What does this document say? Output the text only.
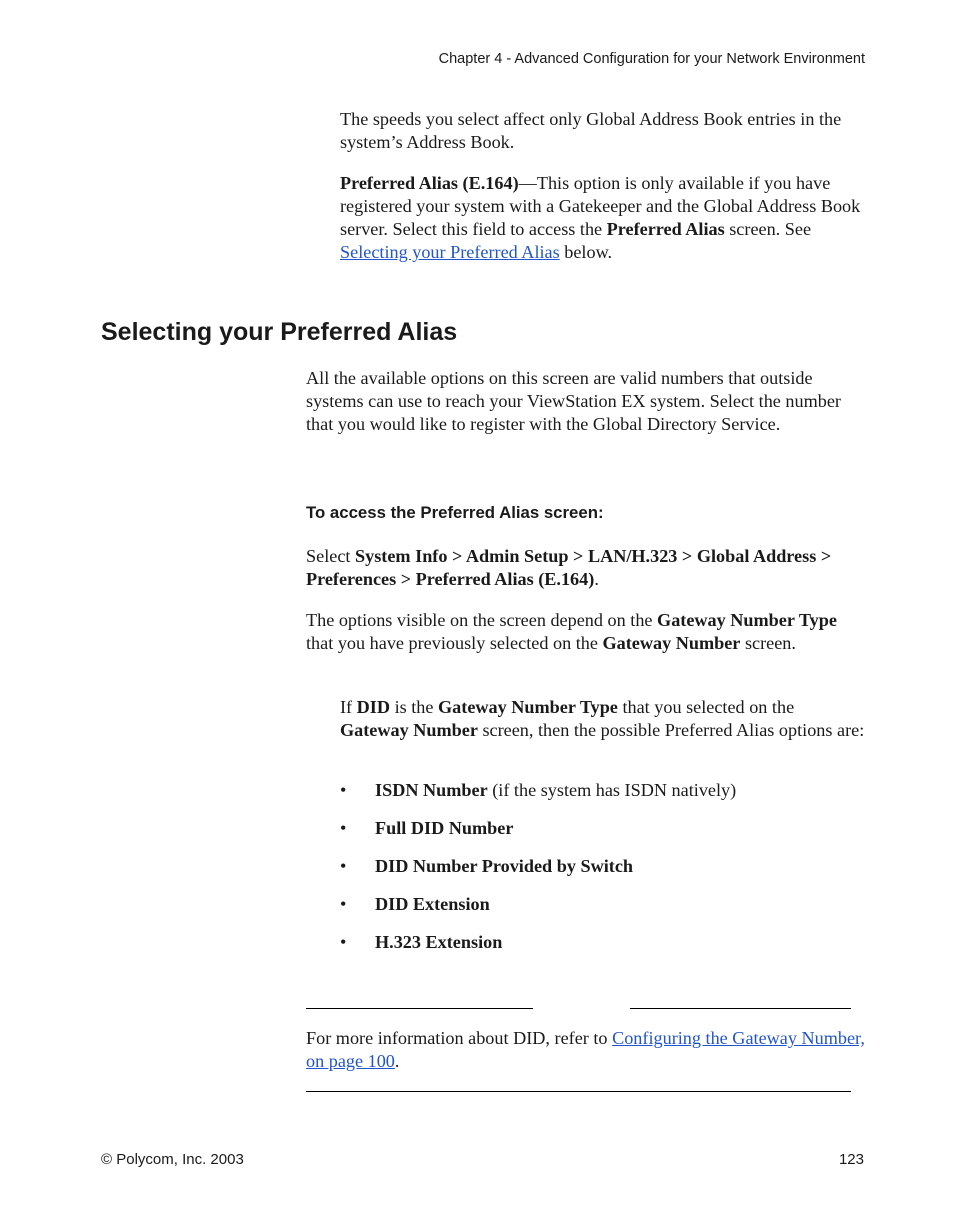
Chapter 4 - Advanced Configuration for your Network Environment

The speeds you select affect only Global Address Book entries in the system’s Address Book.

Preferred Alias (E.164)—This option is only available if you have registered your system with a Gatekeeper and the Global Address Book server. Select this field to access the Preferred Alias screen. See Selecting your Preferred Alias below.

Selecting your Preferred Alias

All the available options on this screen are valid numbers that outside systems can use to reach your ViewStation EX system. Select the number that you would like to register with the Global Directory Service.

To access the Preferred Alias screen:

Select System Info > Admin Setup > LAN/H.323 > Global Address > Preferences > Preferred Alias (E.164).

The options visible on the screen depend on the Gateway Number Type that you have previously selected on the Gateway Number screen.

If DID is the Gateway Number Type that you selected on the Gateway Number screen, then the possible Preferred Alias options are:

• ISDN Number (if the system has ISDN natively)
• Full DID Number
• DID Number Provided by Switch
• DID Extension
• H.323 Extension

For more information about DID, refer to Configuring the Gateway Number, on page 100.

© Polycom, Inc. 2003	123
